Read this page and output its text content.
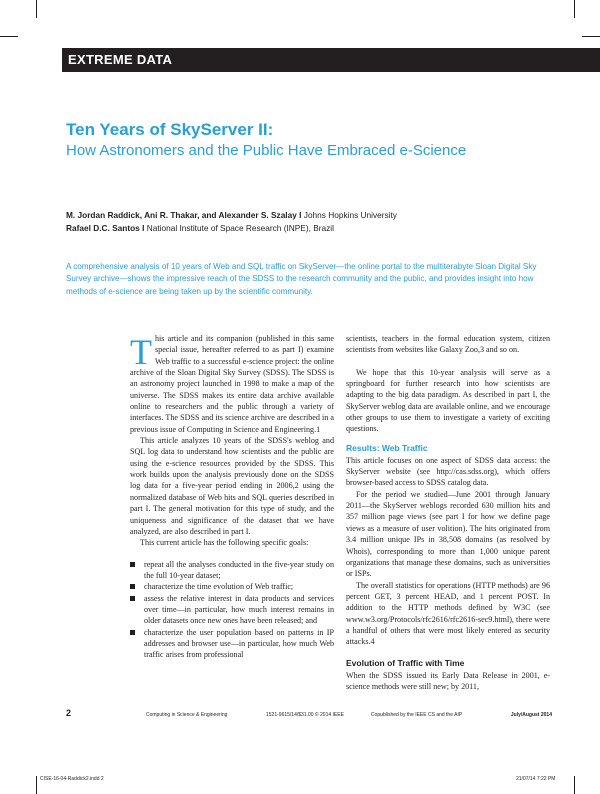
EXTREME DATA
Ten Years of SkyServer II:
How Astronomers and the Public Have Embraced e-Science
M. Jordan Raddick, Ani R. Thakar, and Alexander S. Szalay I Johns Hopkins University
Rafael D.C. Santos I National Institute of Space Research (INPE), Brazil
A comprehensive analysis of 10 years of Web and SQL traffic on SkyServer—the online portal to the multiterabyte Sloan Digital Sky Survey archive—shows the impressive reach of the SDSS to the research community and the public, and provides insight into how methods of e-science are being taken up by the scientific community.

This article and its companion (published in this same special issue, hereafter referred to as part I) examine Web traffic to a successful e-science project: the online archive of the Sloan Digital Sky Survey (SDSS). The SDSS is an astronomy project launched in 1998 to make a map of the universe. The SDSS makes its entire data archive available online to researchers and the public through a variety of interfaces. The SDSS and its science archive are described in a previous issue of Computing in Science and Engineering.1

This article analyzes 10 years of the SDSS's weblog and SQL log data to understand how scientists and the public are using the e-science resources provided by the SDSS. This work builds upon the analysis previously done on the SDSS log data for a five-year period ending in 2006,2 using the normalized database of Web hits and SQL queries described in part I. The general motivation for this type of study, and the uniqueness and significance of the dataset that we have analyzed, are also described in part I.

This current article has the following specific goals:

repeat all the analyses conducted in the five-year study on the full 10-year dataset;
characterize the time evolution of Web traffic;
assess the relative interest in data products and services over time—in particular, how much interest remains in older datasets once new ones have been released; and
characterize the user population based on patterns in IP addresses and browser use—in particular, how much Web traffic arises from professional

scientists, teachers in the formal education system, citizen scientists from websites like Galaxy Zoo,3 and so on.

We hope that this 10-year analysis will serve as a springboard for further research into how scientists are adapting to the big data paradigm. As described in part I, the SkyServer weblog data are available online, and we encourage other groups to use them to investigate a variety of exciting questions.

Results: Web Traffic

This article focuses on one aspect of SDSS data access: the SkyServer website (see http://cas.sdss.org), which offers browser-based access to SDSS catalog data.

For the period we studied—June 2001 through January 2011—the SkyServer weblogs recorded 630 million hits and 357 million page views (see part I for how we define page views as a measure of user volition). The hits originated from 3.4 million unique IPs in 38,508 domains (as resolved by Whois), corresponding to more than 1,000 unique parent organizations that manage these domains, such as universities or ISPs.

The overall statistics for operations (HTTP methods) are 96 percent GET, 3 percent HEAD, and 1 percent POST. In addition to the HTTP methods defined by W3C (see www.w3.org/Protocols/rfc2616/rfc2616-sec9.html), there were a handful of others that were most likely entered as security attacks.4

Evolution of Traffic with Time

When the SDSS issued its Early Data Release in 2001, e-science methods were still new; by 2011,

2	Computing in Science & Engineering	1521-9615/14/$31.00 © 2014 IEEE	Copublished by the IEEE CS and the AIP	July/August 2014
CISE-16-04-Raddick2.indd 2	21/07/14 7:22 PM
